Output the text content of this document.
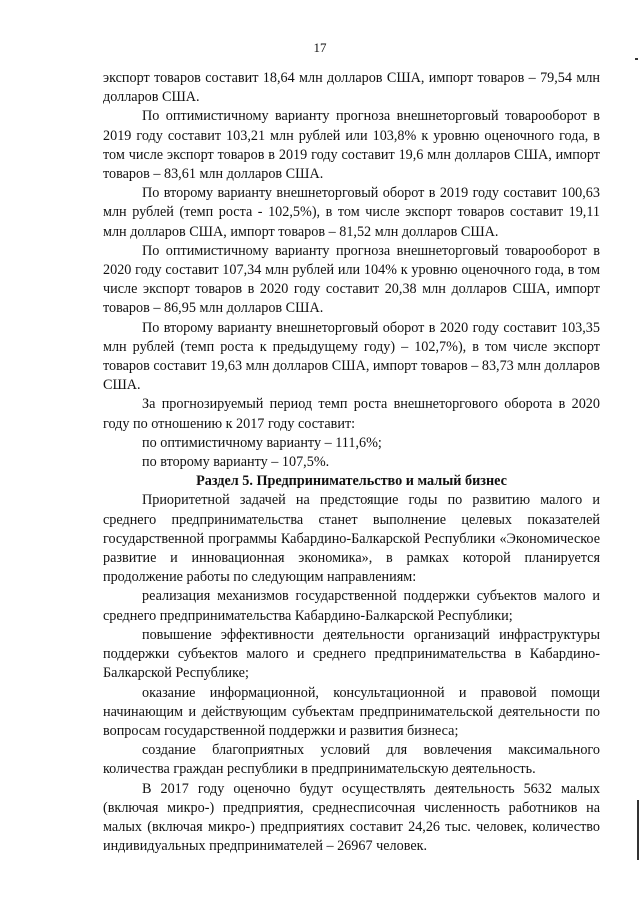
17

экспорт товаров составит 18,64 млн долларов США, импорт товаров – 79,54 млн долларов США.

По оптимистичному варианту прогноза внешнеторговый товарооборот в 2019 году составит 103,21 млн рублей или 103,8% к уровню оценочного года, в том числе экспорт товаров в 2019 году составит 19,6 млн долларов США, импорт товаров – 83,61 млн долларов США.

По второму варианту внешнеторговый оборот в 2019 году составит 100,63 млн рублей (темп роста - 102,5%), в том числе экспорт товаров составит 19,11 млн долларов США, импорт товаров – 81,52 млн долларов США.

По оптимистичному варианту прогноза внешнеторговый товарооборот в 2020 году составит 107,34 млн рублей или 104% к уровню оценочного года, в том числе экспорт товаров в 2020 году составит 20,38 млн долларов США, импорт товаров – 86,95 млн долларов США.

По второму варианту внешнеторговый оборот в 2020 году составит 103,35 млн рублей (темп роста к предыдущему году) – 102,7%), в том числе экспорт товаров составит 19,63 млн долларов США, импорт товаров – 83,73 млн долларов США.

За прогнозируемый период темп роста внешнеторгового оборота в 2020 году по отношению к 2017 году составит:

по оптимистичному варианту – 111,6%;

по второму варианту – 107,5%.

Раздел 5. Предпринимательство и малый бизнес

Приоритетной задачей на предстоящие годы по развитию малого и среднего предпринимательства станет выполнение целевых показателей государственной программы Кабардино-Балкарской Республики «Экономическое развитие и инновационная экономика», в рамках которой планируется продолжение работы по следующим направлениям:

реализация механизмов государственной поддержки субъектов малого и среднего предпринимательства Кабардино-Балкарской Республики;

повышение эффективности деятельности организаций инфраструктуры поддержки субъектов малого и среднего предпринимательства в Кабардино-Балкарской Республике;

оказание информационной, консультационной и правовой помощи начинающим и действующим субъектам предпринимательской деятельности по вопросам государственной поддержки и развития бизнеса;

создание благоприятных условий для вовлечения максимального количества граждан республики в предпринимательскую деятельность.

В 2017 году оценочно будут осуществлять деятельность 5632 малых (включая микро-) предприятия, среднесписочная численность работников на малых (включая микро-) предприятиях составит 24,26 тыс. человек, количество индивидуальных предпринимателей – 26967 человек.
